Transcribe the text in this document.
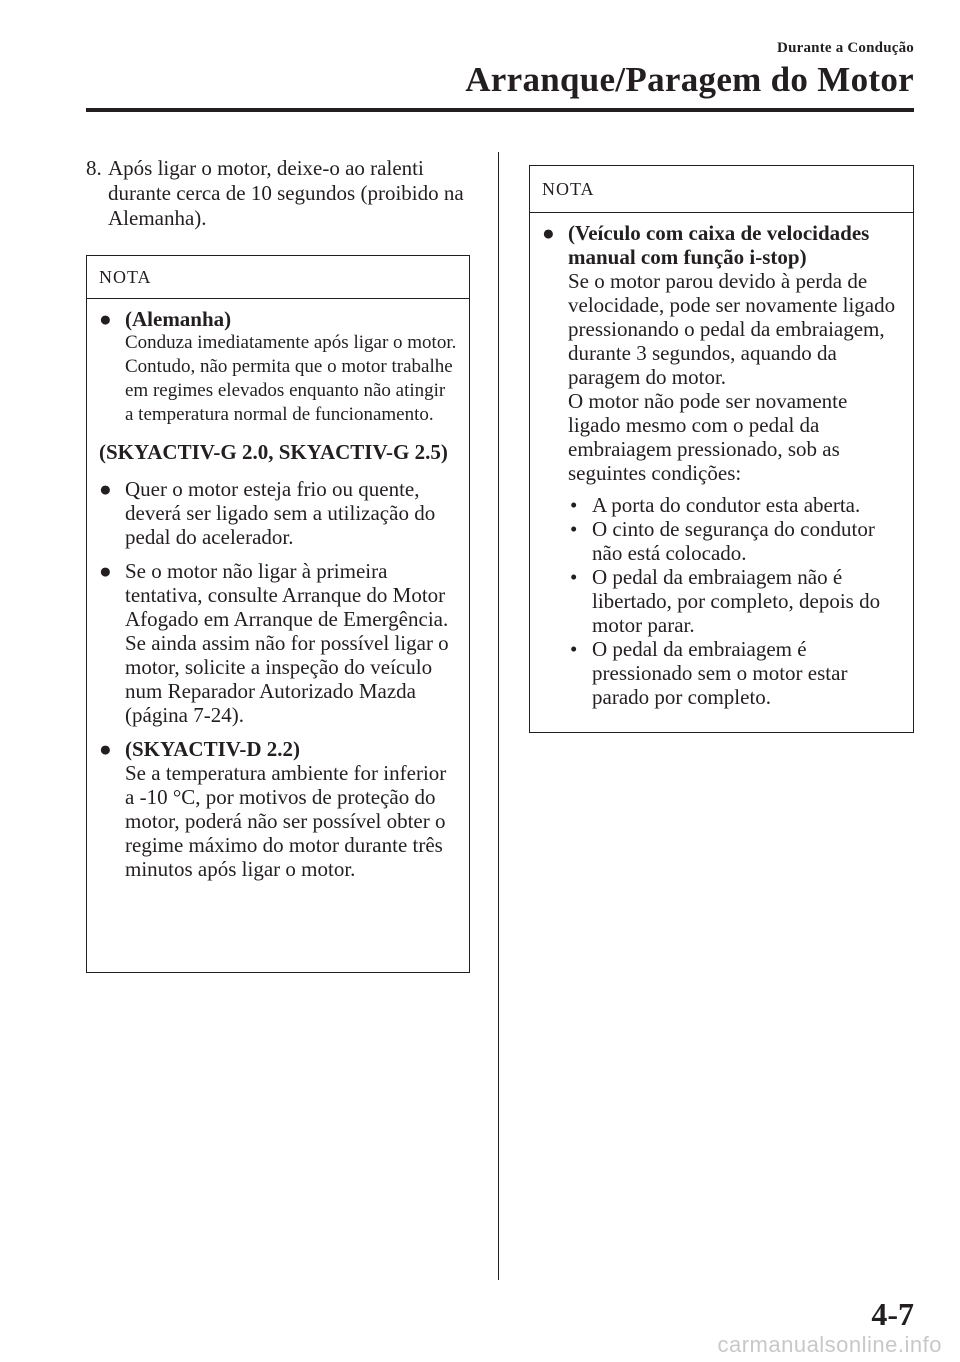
Durante a Condução
Arranque/Paragem do Motor
8. Após ligar o motor, deixe-o ao ralenti durante cerca de 10 segundos (proibido na Alemanha).
NOTA
● (Alemanha)
Conduza imediatamente após ligar o motor. Contudo, não permita que o motor trabalhe em regimes elevados enquanto não atingir a temperatura normal de funcionamento.
(SKYACTIV-G 2.0, SKYACTIV-G 2.5)
● Quer o motor esteja frio ou quente, deverá ser ligado sem a utilização do pedal do acelerador.
● Se o motor não ligar à primeira tentativa, consulte Arranque do Motor Afogado em Arranque de Emergência. Se ainda assim não for possível ligar o motor, solicite a inspeção do veículo num Reparador Autorizado Mazda (página 7-24).
● (SKYACTIV-D 2.2)
Se a temperatura ambiente for inferior a -10 °C, por motivos de proteção do motor, poderá não ser possível obter o regime máximo do motor durante três minutos após ligar o motor.
NOTA
● (Veículo com caixa de velocidades manual com função i-stop)
Se o motor parou devido à perda de velocidade, pode ser novamente ligado pressionando o pedal da embraiagem, durante 3 segundos, aquando da paragem do motor.
O motor não pode ser novamente ligado mesmo com o pedal da embraiagem pressionado, sob as seguintes condições:
• A porta do condutor esta aberta.
• O cinto de segurança do condutor não está colocado.
• O pedal da embraiagem não é libertado, por completo, depois do motor parar.
• O pedal da embraiagem é pressionado sem o motor estar parado por completo.
4-7
carmanualsonline.info
